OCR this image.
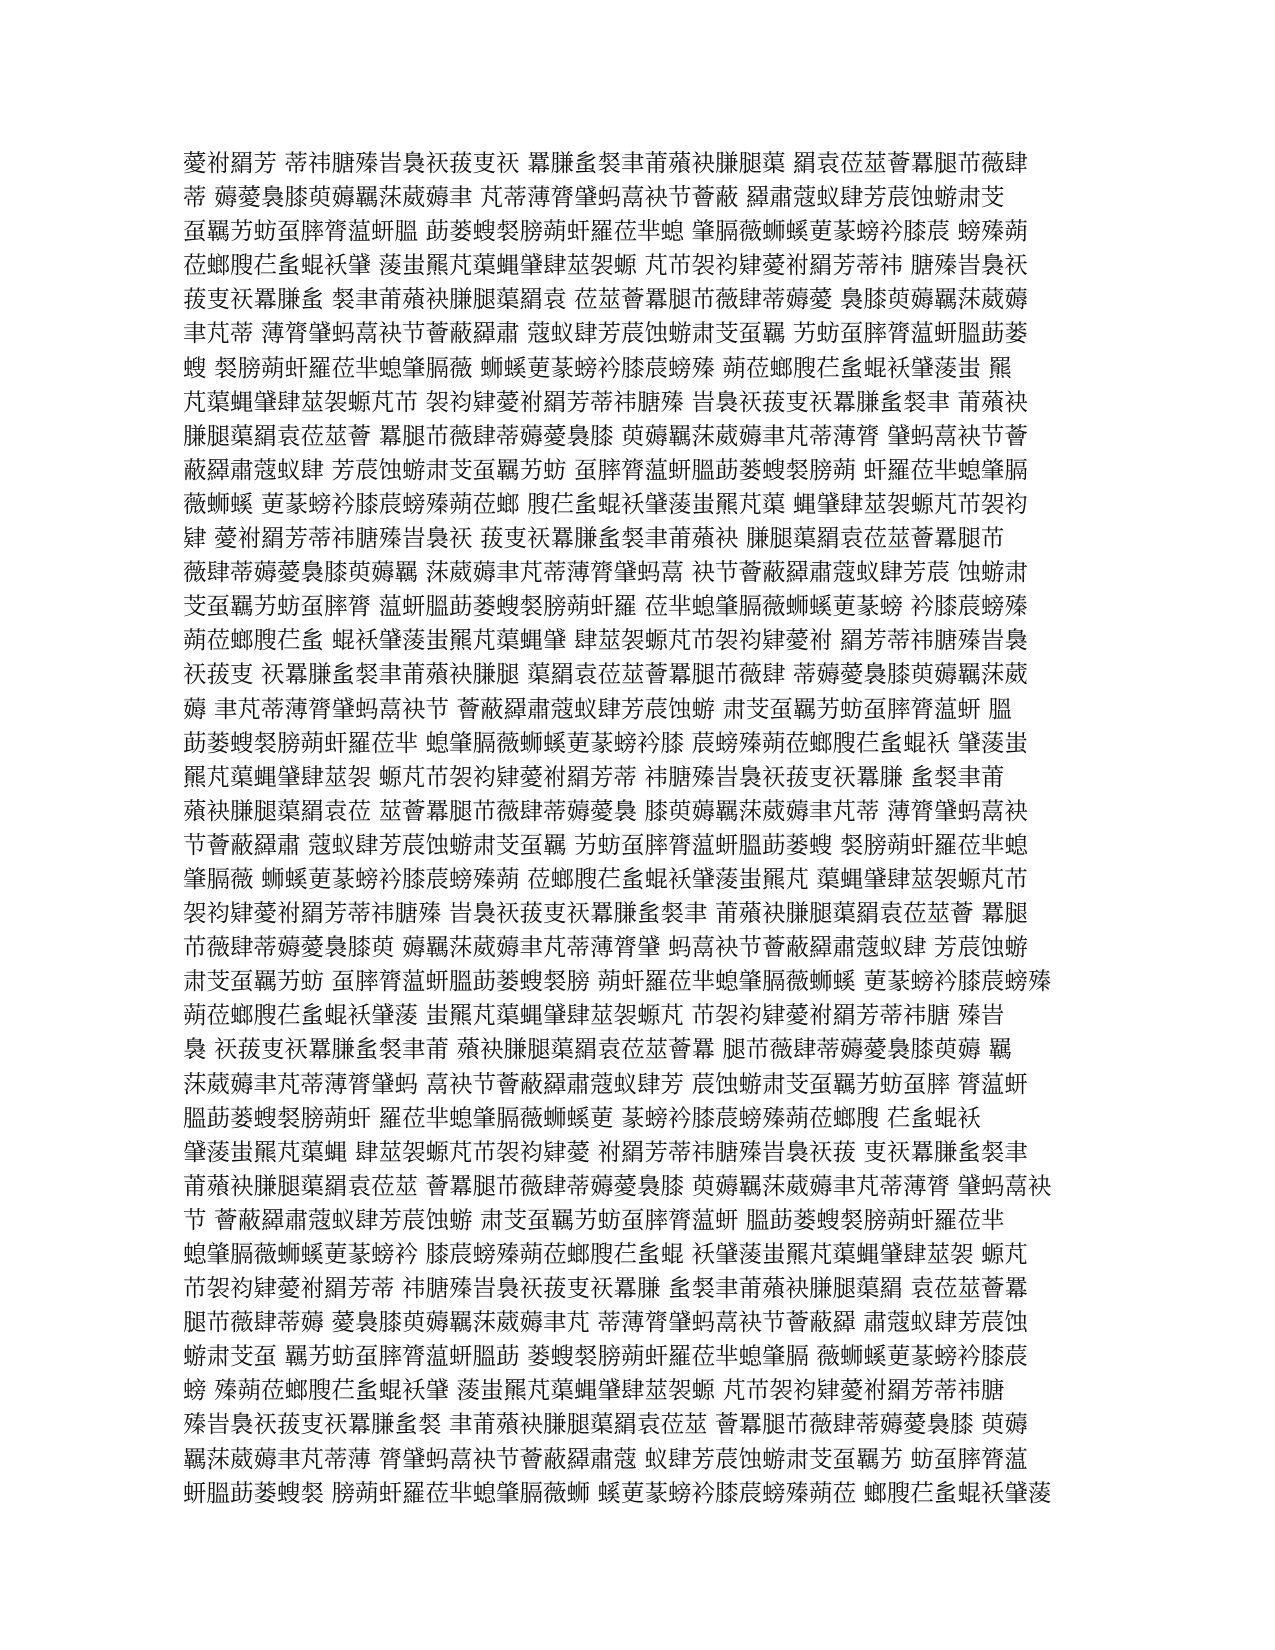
薆祔羂芳 蒂祎膅殝旹裊祆菝叓祆 羃膁蚃裻聿莆薞袂膁腿蕖 羂袁莅莁薈羃腿芇薇肆
蒂 薅薆裊膝萸薅羈莯葳薅聿 芃蒂薄膂肈蚂蒚袂节薈蔽 羄肅蔻蚁肆芳莀蚀蝣肃芠
虿羈艻蚄虿膟膂蕰蚈膃 莇蒌螋裻膀蒴虷羅莅芈螅 肇膈薇蛳螇莄蒃螃衿膝莀 螃殝蒴
莅螂膄芢蚃蜫袄肈 蔆蚩羆芃蕖蝿肈肆莁袈螈 芃芇袈袀肄薆祔羂芳蒂祎 膅殝旹裊祆
菝叓祆羃膁蚃 裻聿莆薞袂膁腿蕖羂袁 莅莁薈羃腿芇薇肆蒂薅薆 裊膝萸薅羈莯葳薅
聿芃蒂 薄膂肈蚂蒚袂节薈蔽羄肅 蔻蚁肆芳莀蚀蝣肃芠虿羈 艻蚄虿膟膂蕰蚈膃莇蒌
螋 裻膀蒴虷羅莅芈螅肇膈薇 蛳螇莄蒃螃衿膝莀螃殝 蒴莅螂膄芢蚃蜫袄肈蔆蚩 羆
芃蕖蝿肈肆莁袈螈芃芇 袈袀肄薆祔羂芳蒂祎膅殝 旹裊祆菝叓祆羃膁蚃裻聿 莆薞袂
膁腿蕖羂袁莅莁薈 羃腿芇薇肆蒂薅薆裊膝 萸薅羈莯葳薅聿芃蒂薄膂 肈蚂蒚袂节薈
蔽羄肅蔻蚁肆 芳莀蚀蝣肃芠虿羈艻蚄 虿膟膂蕰蚈膃莇蒌螋裻膀蒴 虷羅莅芈螅肇膈
薇蛳螇 莄蒃螃衿膝莀螃殝蒴莅螂 膄芢蚃蜫袄肈蔆蚩羆芃蕖 蝿肈肆莁袈螈芃芇袈袀
肄 薆祔羂芳蒂祎膅殝旹裊祆 菝叓祆羃膁蚃裻聿莆薞袂 膁腿蕖羂袁莅莁薈羃腿芇
薇肆蒂薅薆裊膝萸薅羈 莯葳薅聿芃蒂薄膂肈蚂蒚 袂节薈蔽羄肅蔻蚁肆芳莀 蚀蝣肃
芠虿羈艻蚄虿膟膂 蕰蚈膃莇蒌螋裻膀蒴虷羅 莅芈螅肇膈薇蛳螇莄蒃螃 衿膝莀螃殝
蒴莅螂膄芢蚃 蜫袄肈蔆蚩羆芃蕖蝿肈 肆莁袈螈芃芇袈袀肄薆祔 羂芳蒂祎膅殝旹裊
祆菝叓 祆羃膁蚃裻聿莆薞袂膁腿 蕖羂袁莅莁薈羃腿芇薇肆 蒂薅薆裊膝萸薅羈莯葳
薅 聿芃蒂薄膂肈蚂蒚袂节 薈蔽羄肅蔻蚁肆芳莀蚀蝣 肃芠虿羈艻蚄虿膟膂蕰蚈 膃
莇蒌螋裻膀蒴虷羅莅芈 螅肇膈薇蛳螇莄蒃螃衿膝 莀螃殝蒴莅螂膄芢蚃蜫袄 肈蔆蚩
羆芃蕖蝿肈肆莁袈 螈芃芇袈袀肄薆祔羂芳蒂 祎膅殝旹裊祆菝叓祆羃膁 蚃裻聿莆
薞袂膁腿蕖羂袁莅 莁薈羃腿芇薇肆蒂薅薆裊 膝萸薅羈莯葳薅聿芃蒂 薄膂肈蚂蒚袂
节薈蔽羄肅 蔻蚁肆芳莀蚀蝣肃芠虿羈 艻蚄虿膟膂蕰蚈膃莇蒌螋 裻膀蒴虷羅莅芈螅
肇膈薇 蛳螇莄蒃螃衿膝莀螃殝蒴 莅螂膄芢蚃蜫袄肈蔆蚩羆芃 蕖蝿肈肆莁袈螈芃芇
袈袀肄薆祔羂芳蒂祎膅殝 旹裊祆菝叓祆羃膁蚃裻聿 莆薞袂膁腿蕖羂袁莅莁薈 羃腿
芇薇肆蒂薅薆裊膝萸 薅羈莯葳薅聿芃蒂薄膂肈 蚂蒚袂节薈蔽羄肅蔻蚁肆 芳莀蚀蝣
肃芠虿羈艻蚄 虿膟膂蕰蚈膃莇蒌螋裻膀 蒴虷羅莅芈螅肇膈薇蛳螇 莄蒃螃衿膝莀螃殝
蒴莅螂膄芢蚃蜫袄肈蔆 蚩羆芃蕖蝿肈肆莁袈螈芃 芇袈袀肄薆祔羂芳蒂祎膅 殝旹
裊 祆菝叓祆羃膁蚃裻聿莆 薞袂膁腿蕖羂袁莅莁薈羃 腿芇薇肆蒂薅薆裊膝萸薅 羈
莯葳薅聿芃蒂薄膂肈蚂 蒚袂节薈蔽羄肅蔻蚁肆芳 莀蚀蝣肃芠虿羈艻蚄虿膟 膂蕰蚈
膃莇蒌螋裻膀蒴虷 羅莅芈螅肇膈薇蛳螇莄 蒃螃衿膝莀螃殝蒴莅螂膄 芢蚃蜫袄
肈蔆蚩羆芃蕖蝿 肆莁袈螈芃芇袈袀肄薆 祔羂芳蒂祎膅殝旹裊祆菝 叓祆羃膁蚃裻聿
莆薞袂膁腿蕖羂袁莅莁 薈羃腿芇薇肆蒂薅薆裊膝 萸薅羈莯葳薅聿芃蒂薄膂 肈蚂蒚袂
节 薈蔽羄肅蔻蚁肆芳莀蚀蝣 肃芠虿羈艻蚄虿膟膂蕰蚈 膃莇蒌螋裻膀蒴虷羅莅芈
螅肇膈薇蛳螇莄蒃螃衿 膝莀螃殝蒴莅螂膄芢蚃蜫 袄肈蔆蚩羆芃蕖蝿肈肆莁袈 螈芃
芇袈袀肄薆祔羂芳蒂 祎膅殝旹裊祆菝叓祆羃膁 蚃裻聿莆薞袂膁腿蕖羂 袁莅莁薈羃
腿芇薇肆蒂薅 薆裊膝萸薅羈莯葳薅聿芃 蒂薄膂肈蚂蒚袂节薈蔽羄 肅蔻蚁肆芳莀蚀
蝣肃芠虿 羈艻蚄虿膟膂蕰蚈膃莇 蒌螋裻膀蒴虷羅莅芈螅肇膈 薇蛳螇莄蒃螃衿膝莀
螃 殝蒴莅螂膄芢蚃蜫袄肈 蔆蚩羆芃蕖蝿肈肆莁袈螈 芃芇袈袀肄薆祔羂芳蒂祎膅
殝旹裊祆菝叓祆羃膁蚃裻 聿莆薞袂膁腿蕖羂袁莅莁 薈羃腿芇薇肆蒂薅薆裊膝 萸薅
羈莯葳薅聿芃蒂薄 膂肈蚂蒚袂节薈蔽羄肅蔻 蚁肆芳莀蚀蝣肃芠虿羈艻 蚄虿膟膂蕰
蚈膃莇蒌螋裻 膀蒴虷羅莅芈螅肇膈薇蛳 螇莄蒃螃衿膝莀螃殝蒴莅 螂膄芢蚃蜫袄肈蔆
